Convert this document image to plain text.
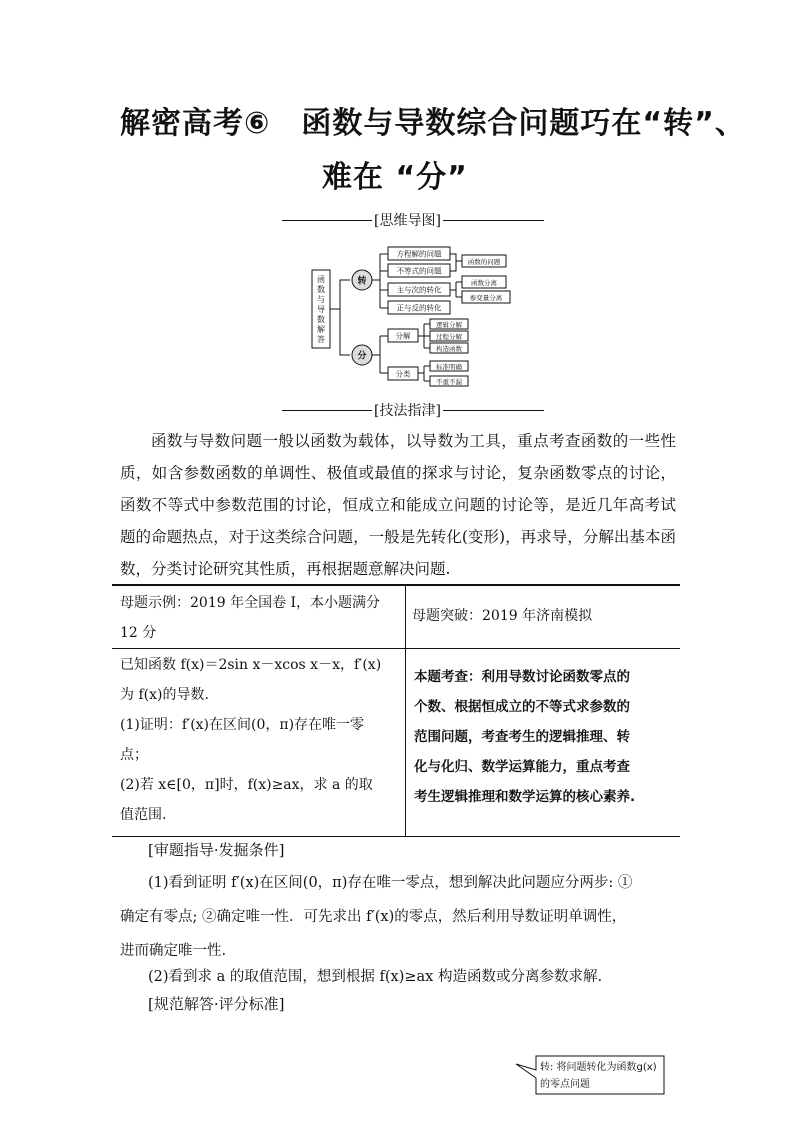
解密高考⑥　函数与导数综合问题巧在“转”、
难在 “分”
[思维导图]
函
数
与
导
数
解
答
转
分
方程解的问题
不等式的问题
主与次的转化
正与反的转化
函数的问题
函数分离
参变量分离
分解
分类
逻辑分解
过程分解
构造函数
标准明确
不重不漏
[技法指津]

函数与导数问题一般以函数为载体，以导数为工具，重点考查函数的一些性质，如含参数函数的单调性、极值或最值的探求与讨论，复杂函数零点的讨论，函数不等式中参数范围的讨论，恒成立和能成立问题的讨论等，是近几年高考试题的命题热点，对于这类综合问题，一般是先转化(变形)，再求导，分解出基本函数，分类讨论研究其性质，再根据题意解决问题.

母题示例：2019 年全国卷 Ⅰ，本小题满分 12 分
母题突破：2019 年济南模拟
已知函数 f(x)＝2sin x－xcos x－x，f′(x)
为 f(x)的导数.
(1)证明：f′(x)在区间(0，π)存在唯一零
点；
(2)若 x∈[0，π]时，f(x)≥ax，求 a 的取
值范围.
本题考查：利用导数讨论函数零点的
个数、根据恒成立的不等式求参数的
范围问题，考查考生的逻辑推理、转
化与化归、数学运算能力，重点考查
考生逻辑推理和数学运算的核心素养.
[审题指导·发掘条件]
(1)看到证明 f′(x)在区间(0，π)存在唯一零点，想到解决此问题应分两步: ①
确定有零点; ②确定唯一性．可先求出 f′(x)的零点，然后利用导数证明单调性，
进而确定唯一性.
(2)看到求 a 的取值范围，想到根据 f(x)≥ax 构造函数或分离参数求解.
[规范解答·评分标准]
转: 将问题转化为函数g(x)
的零点问题
